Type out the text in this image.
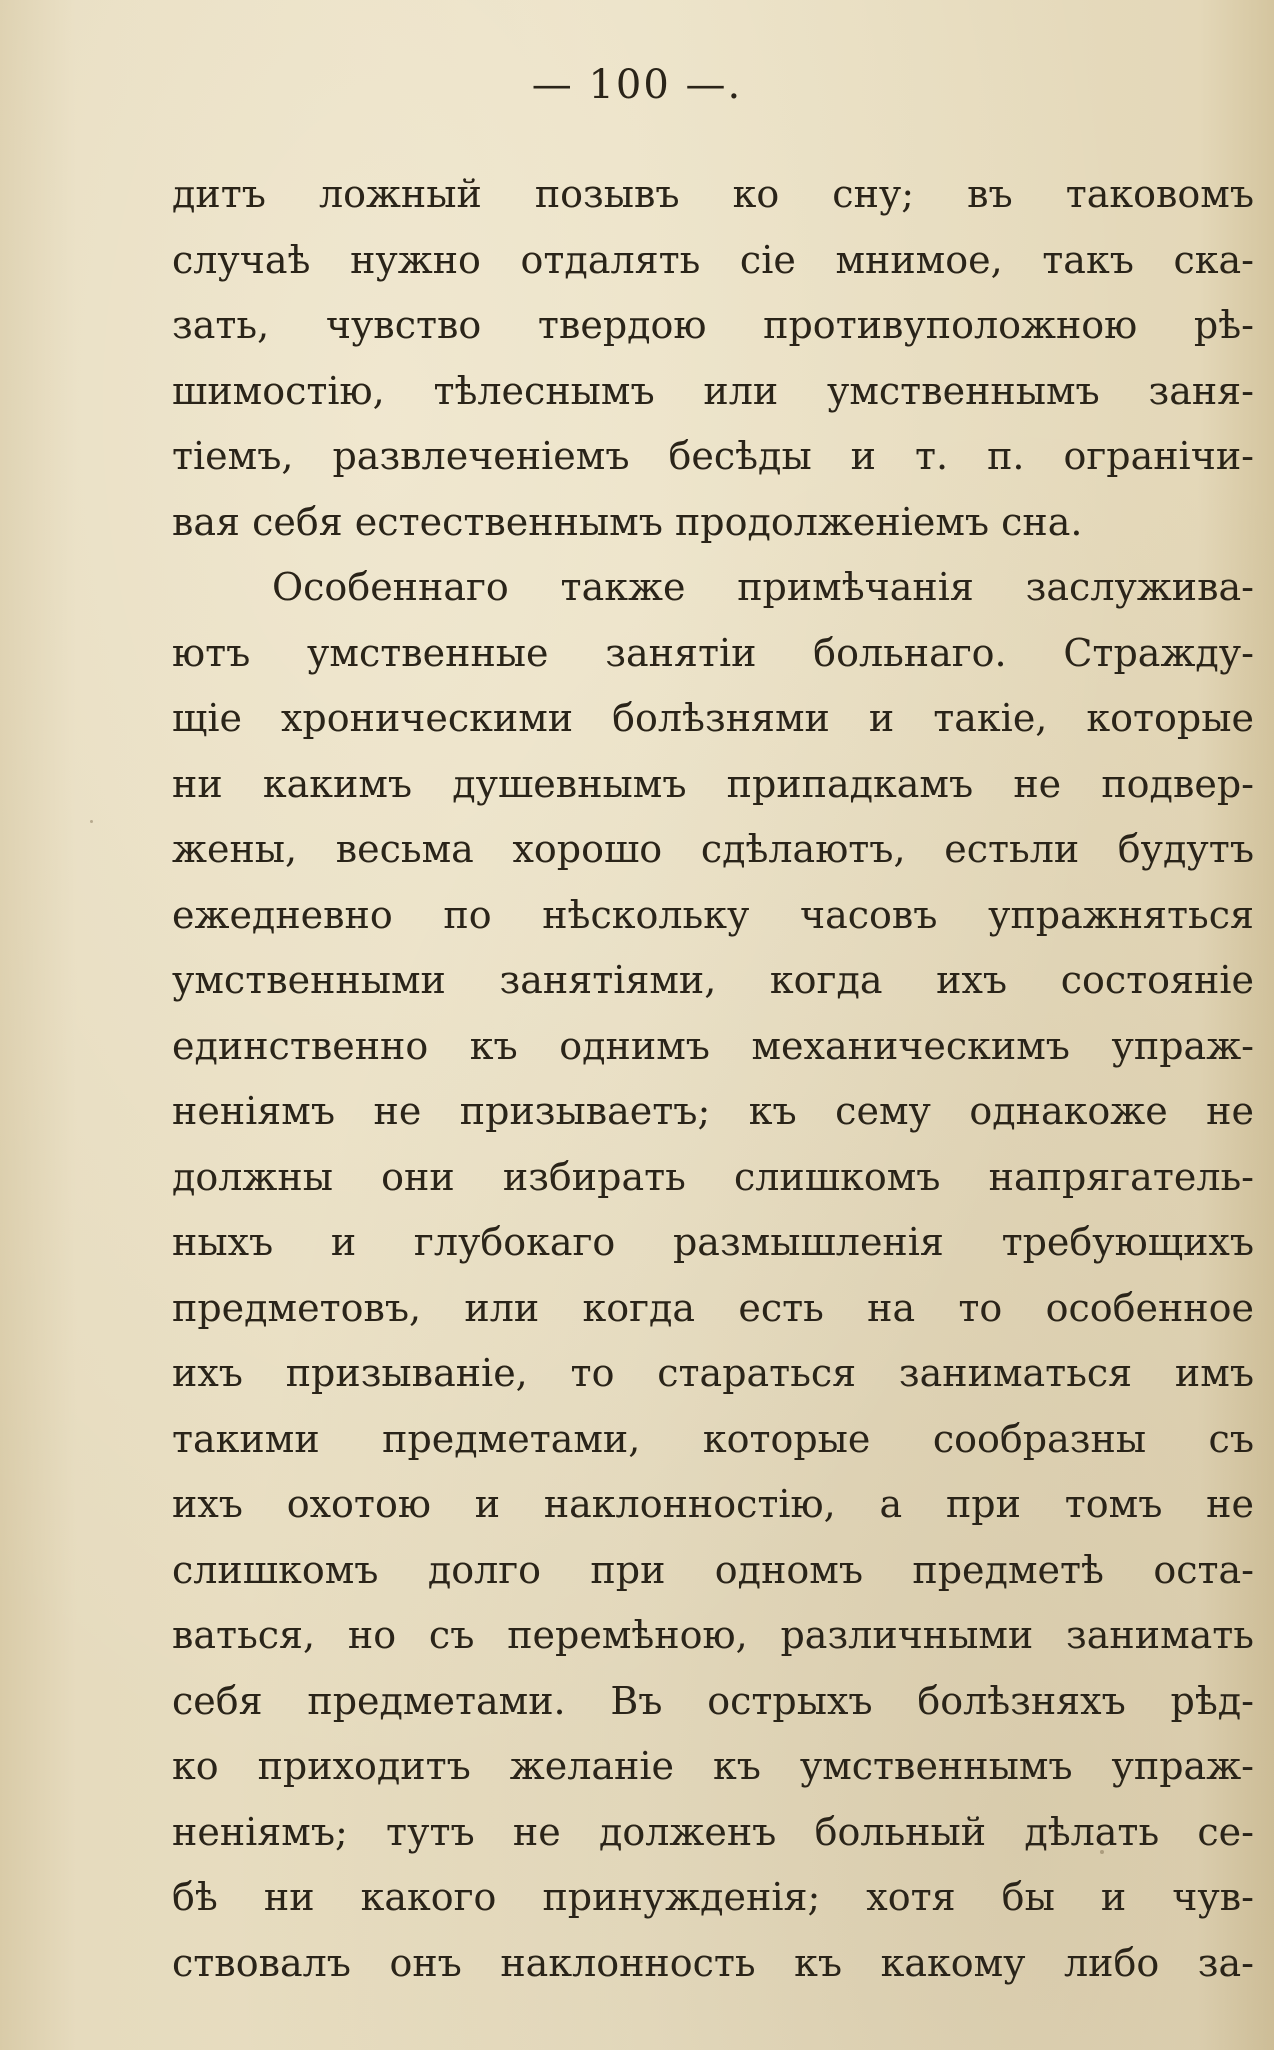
— 100 —.
дитъ ложный позывъ ко сну; въ таковомъ
случаѣ нужно отдалять сіе мнимое, такъ ска-
зать, чувство твердою противуположною рѣ-
шимостію, тѣлеснымъ или умственнымъ заня-
тіемъ, развлеченіемъ бесѣды и т. п. огранічи-
вая себя естественнымъ продолженіемъ сна.
Особеннаго также примѣчанія заслужива-
ютъ умственные занятіи больнаго. Стражду-
щіе хроническими болѣзнями и такіе, которые
ни какимъ душевнымъ припадкамъ не подвер-
жены, весьма хорошо сдѣлаютъ, естьли будутъ
ежедневно по нѣскольку часовъ упражняться
умственными занятіями, когда ихъ состояніе
единственно къ однимъ механическимъ упраж-
неніямъ не призываетъ; къ сему однакоже не
должны они избирать слишкомъ напрягатель-
ныхъ и глубокаго размышленія требующихъ
предметовъ, или когда есть на то особенное
ихъ призываніе, то стараться заниматься имъ
такими предметами, которые сообразны съ
ихъ охотою и наклонностію, а при томъ не
слишкомъ долго при одномъ предметѣ оста-
ваться, но съ перемѣною, различными занимать
себя предметами. Въ острыхъ болѣзняхъ рѣд-
ко приходитъ желаніе къ умственнымъ упраж-
неніямъ; тутъ не долженъ больный дѣлать се-
бѣ ни какого принужденія; хотя бы и чув-
ствовалъ онъ наклонность къ какому либо за-
